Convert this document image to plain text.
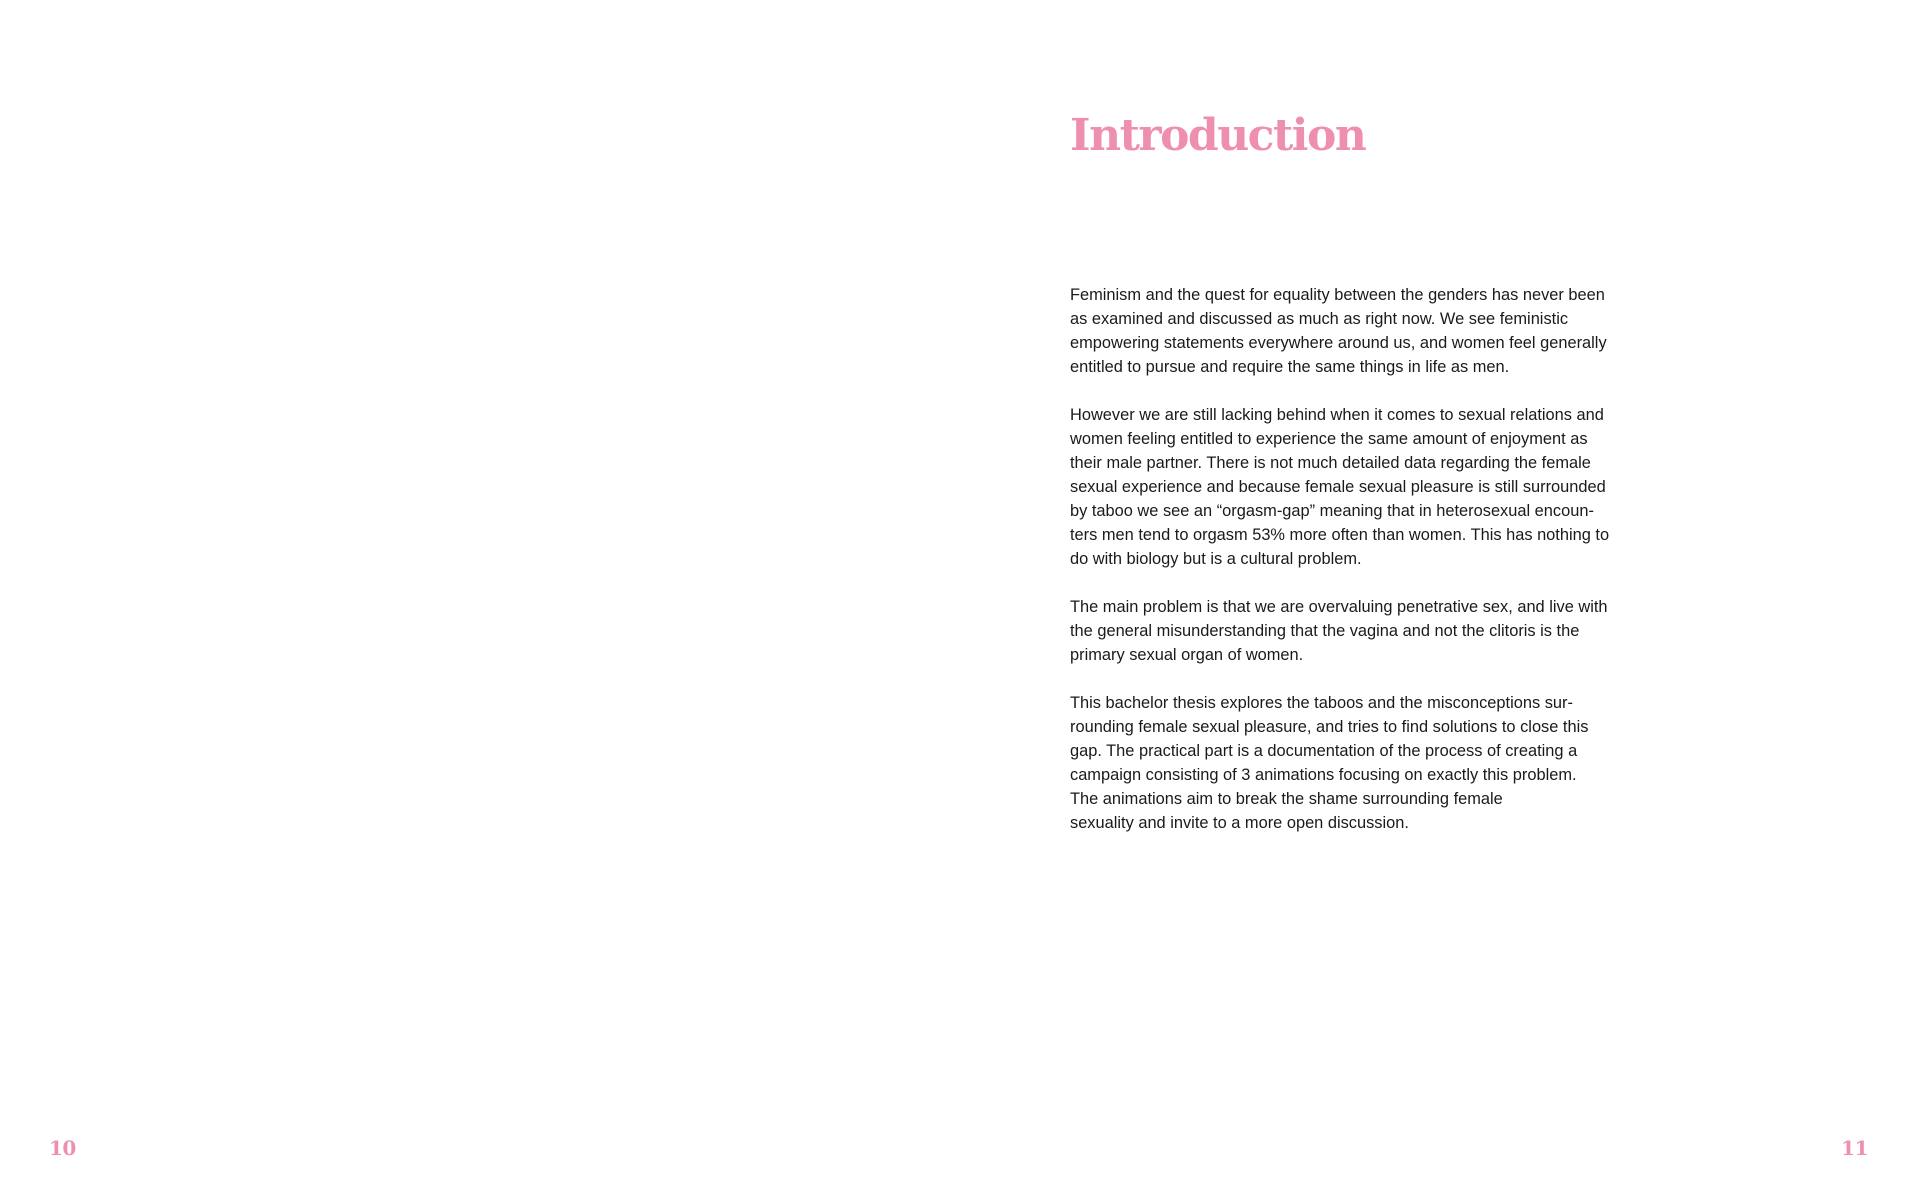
10
Introduction

Feminism and the quest for equality between the genders has never been
as examined and discussed as much as right now. We see feministic
empowering statements everywhere around us, and women feel generally
entitled to pursue and require the same things in life as men.

However we are still lacking behind when it comes to sexual relations and
women feeling entitled to experience the same amount of enjoyment as
their male partner. There is not much detailed data regarding the female
sexual experience and because female sexual pleasure is still surrounded
by taboo we see an “orgasm-gap” meaning that in heterosexual encoun-
ters men tend to orgasm 53% more often than women. This has nothing to
do with biology but is a cultural problem.

The main problem is that we are overvaluing penetrative sex, and live with
the general misunderstanding that the vagina and not the clitoris is the
primary sexual organ of women.

This bachelor thesis explores the taboos and the misconceptions sur-
rounding female sexual pleasure, and tries to find solutions to close this
gap. The practical part is a documentation of the process of creating a
campaign consisting of 3 animations focusing on exactly this problem.
The animations aim to break the shame surrounding female
sexuality and invite to a more open discussion.

11
